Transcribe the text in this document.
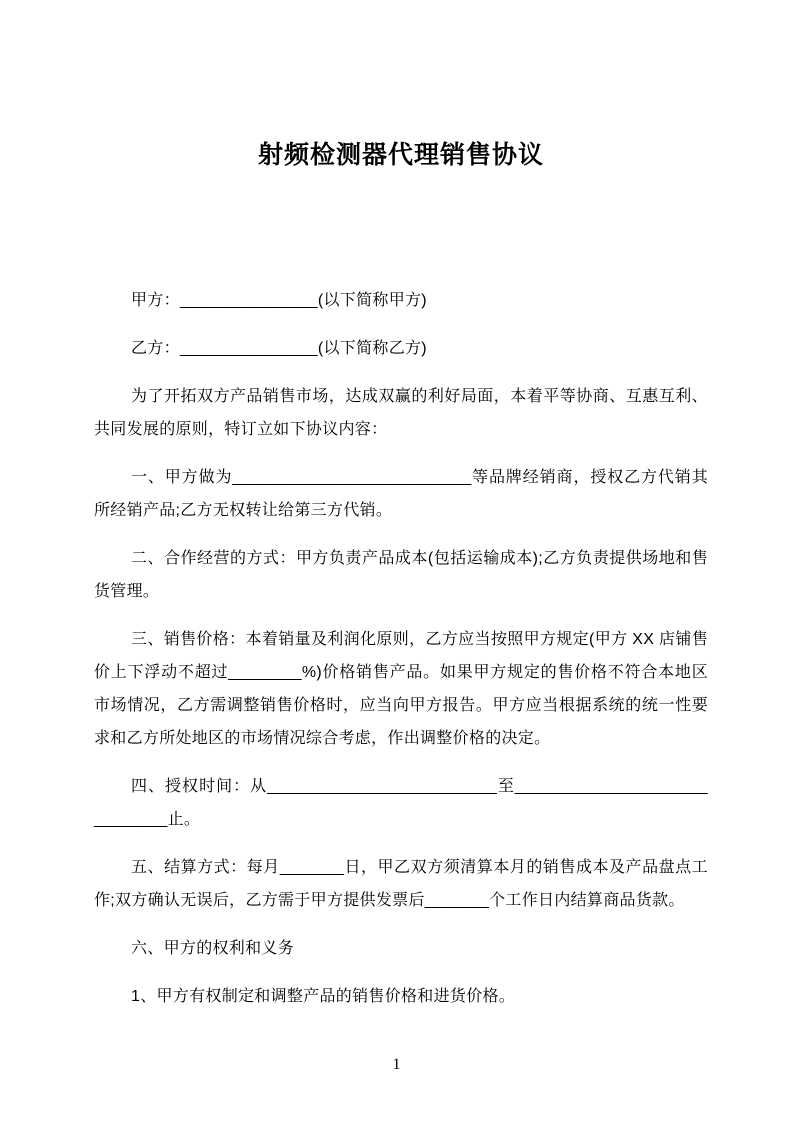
射频检测器代理销售协议

甲方：_______________(以下简称甲方)

乙方：_______________(以下简称乙方)

为了开拓双方产品销售市场，达成双赢的利好局面，本着平等协商、互惠互利、共同发展的原则，特订立如下协议内容：

一、甲方做为__________________________等品牌经销商，授权乙方代销其所经销产品;乙方无权转让给第三方代销。

二、合作经营的方式：甲方负责产品成本(包括运输成本);乙方负责提供场地和售货管理。

三、销售价格：本着销量及利润化原则，乙方应当按照甲方规定(甲方 XX 店铺售价上下浮动不超过________%)价格销售产品。如果甲方规定的售价格不符合本地区市场情况，乙方需调整销售价格时，应当向甲方报告。甲方应当根据系统的统一性要求和乙方所处地区的市场情况综合考虑，作出调整价格的决定。

四、授权时间：从_________________________至_____________________________止。

五、结算方式：每月_______日，甲乙双方须清算本月的销售成本及产品盘点工作;双方确认无误后，乙方需于甲方提供发票后_______个工作日内结算商品货款。

六、甲方的权利和义务

1、甲方有权制定和调整产品的销售价格和进货价格。

1
